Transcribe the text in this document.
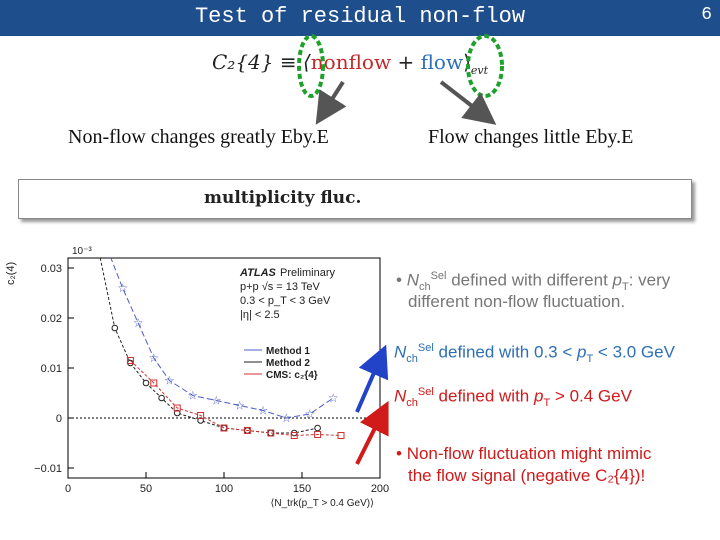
Test of residual non-flow	6
C₂{4} ≡ ⟨nonflow + $flow⟩_{evt}$
Non-flow changes greatly Eby.E	Flow changes little Eby.E
multiplicity fluc.
0	50	100	150	200
0.03
0.02
0.01
0
−0.01
10⁻³
c₂(4)
⟨N_trk(p_T > 0.4 GeV)⟩
ATLAS Preliminary
p+p √s = 13 TeV
0.3 < p_T < 3 GeV
|η| < 2.5
☆
☆
☆
☆
☆ ☆ ☆ ☆
☆ ☆
☆
Method 1
Method 2
CMS: c₂{4}
• $N_{ch}^{Sel}$ defined with different $p_T$: very
different non-flow fluctuation.
$N_{ch}^{Sel}$ defined with $0.3 < p_T < 3.0$ GeV
$N_{ch}^{Sel}$ defined with $p_T > 0.4$ GeV
• Non-flow fluctuation might mimic
the flow signal (negative C₂{4})!
